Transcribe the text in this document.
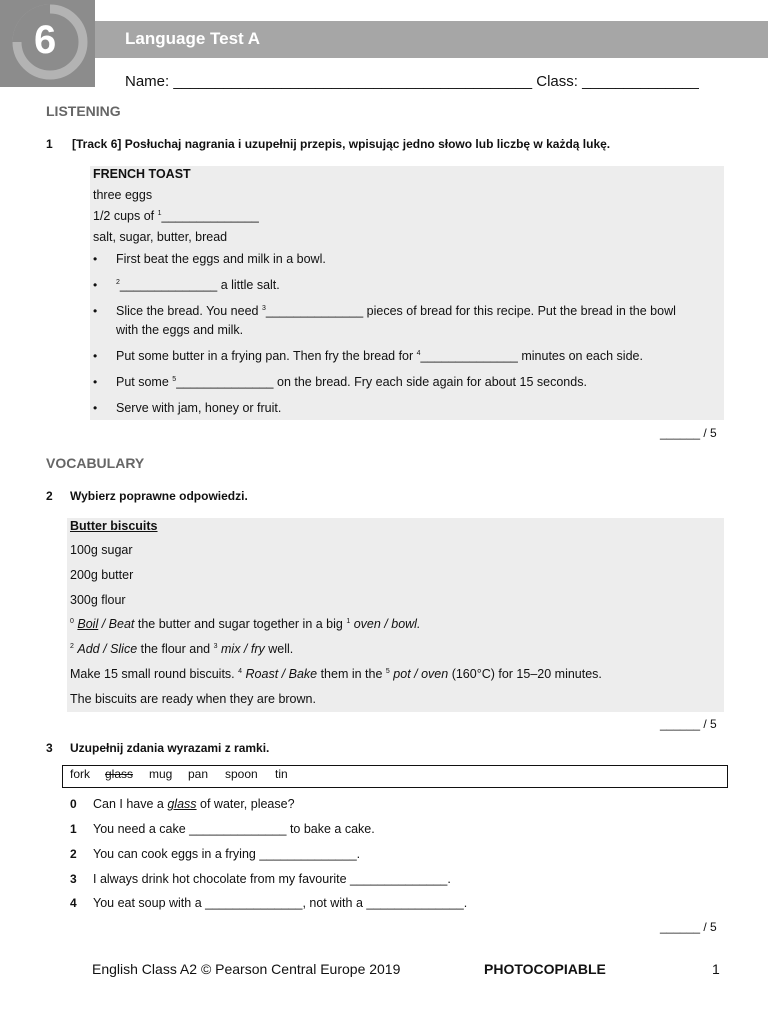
6	Language Test A
Name: ___________________________________________ Class: ______________
LISTENING
1 [Track 6] Posłuchaj nagrania i uzupełnij przepis, wpisując jedno słowo lub liczbę w każdą lukę.
FRENCH TOAST
three eggs
1/2 cups of $^1$______________
salt, sugar, butter, bread
• First beat the eggs and milk in a bowl.
•	$^2$______________ a little salt.
• Slice the bread. You need $^3$______________ pieces of bread for this recipe. Put the bread in the bowl
with the eggs and milk.
• Put some butter in a frying pan. Then fry the bread for $^4$______________ minutes on each side.
• Put some $^5$______________ on the bread. Fry each side again for about 15 seconds.
• Serve with jam, honey or fruit.
______ / 5
VOCABULARY
2 Wybierz poprawne odpowiedzi.
Butter biscuits
100g sugar
200g butter
300g flour
$^0$ Boil / Beat the butter and sugar together in a big $^1$ oven / bowl.
$^2$ Add / Slice the flour and $^3$ mix / fry well.
Make 15 small round biscuits. $^4$ Roast / Bake them in the $^5$ pot / oven (160°C) for 15–20 minutes.
The biscuits are ready when they are brown.
______ / 5
3 Uzupełnij zdania wyrazami z ramki.
fork glass mug pan spoon tin
0 Can I have a glass of water, please?
1 You need a cake ______________ to bake a cake.
2 You can cook eggs in a frying ______________.
3 I always drink hot chocolate from my favourite ______________.
4 You eat soup with a ______________, not with a ______________.
______ / 5
English Class A2 © Pearson Central Europe 2019	PHOTOCOPIABLE	1
